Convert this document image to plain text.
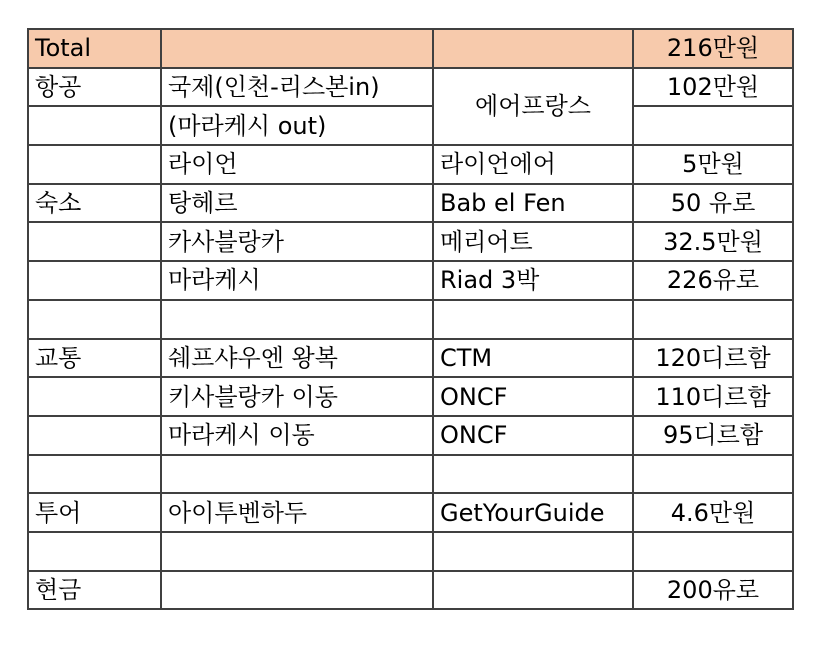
Total			216만원
항공	국제(인천-리스본in)	에어프랑스	102만원
	(마라케시 out)		
	라이언	라이언에어	5만원
숙소	탕헤르	Bab el Fen	50 유로
	카사블랑카	메리어트	32.5만원
	마라케시	Riad 3박	226유로

교통	쉐프샤우엔 왕복	CTM	120디르함
	키사블랑카 이동	ONCF	110디르함
	마라케시 이동	ONCF	95디르함

투어	아이투벤하두	GetYourGuide	4.6만원

현금			200유로
